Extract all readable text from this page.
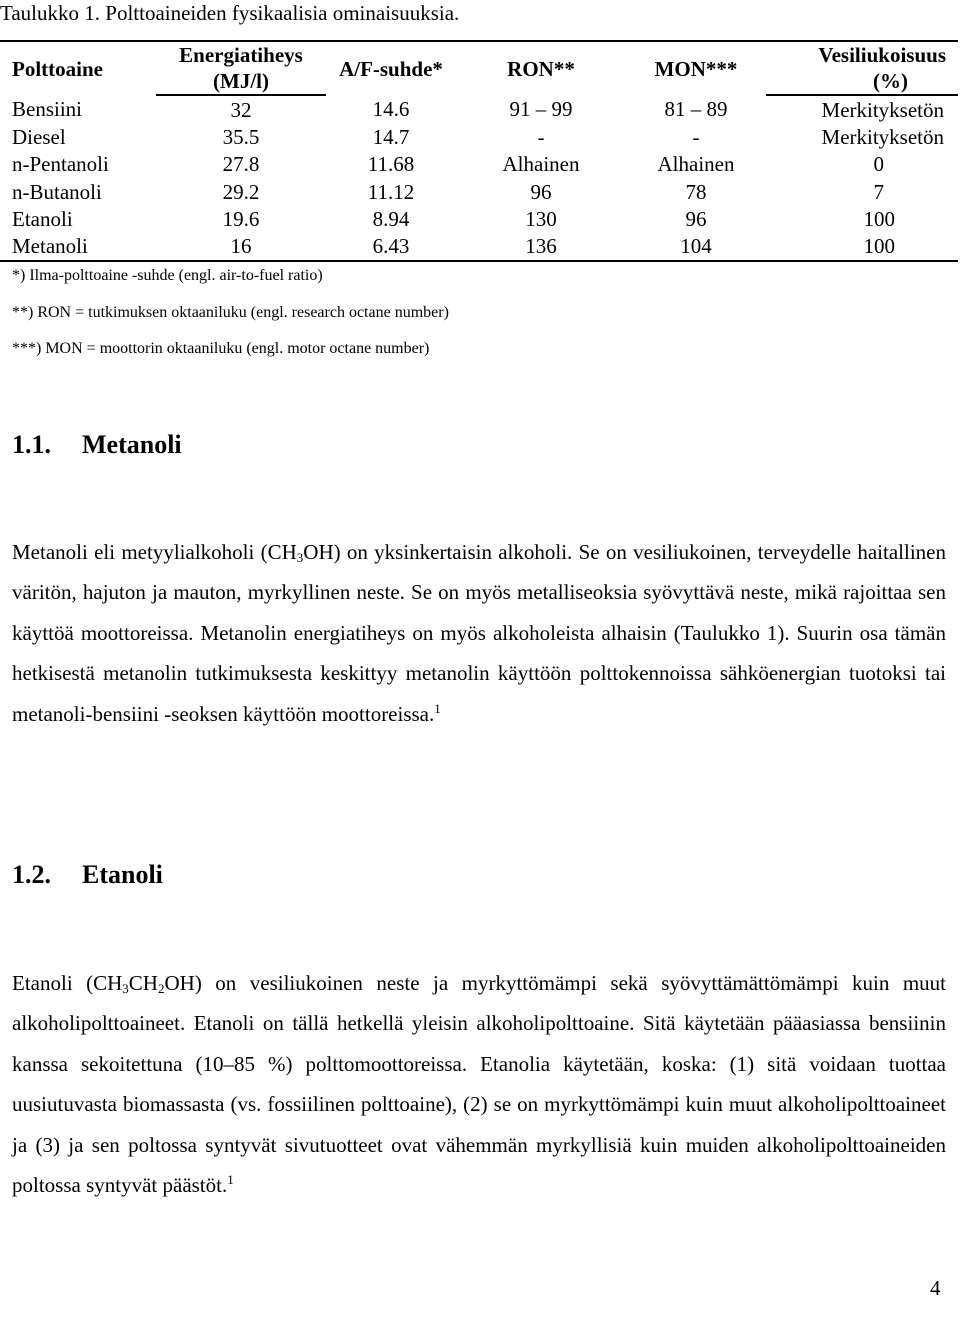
Taulukko 1. Polttoaineiden fysikaalisia ominaisuuksia.
Polttoaine	Energiatiheys	A/F-suhde*	RON**	MON***	Vesiliukoisuus
	(MJ/l)				(%)
Bensiini	32	14.6	91 – 99	81 – 89	Merkityksetön
Diesel	35.5	14.7	-	-	Merkityksetön
n-Pentanoli	27.8	11.68	Alhainen	Alhainen	0
n-Butanoli	29.2	11.12	96	78	7
Etanoli	19.6	8.94	130	96	100
Metanoli	16	6.43	136	104	100
*) Ilma-polttoaine -suhde (engl. air-to-fuel ratio)
**) RON = tutkimuksen oktaaniluku (engl. research octane number)
***) MON = moottorin oktaaniluku (engl. motor octane number)
1.1. Metanoli

Metanoli eli metyylialkoholi $(CH_3OH)$ on yksinkertaisin alkoholi. Se on vesiliukoinen, terveydelle haitallinen väritön, hajuton ja mauton, myrkyllinen neste. Se on myös metalliseoksia syövyttävä neste, mikä rajoittaa sen käyttöä moottoreissa. Metanolin energiatiheys on myös alkoholeista alhaisin (Taulukko 1). Suurin osa tämän hetkisestä metanolin tutkimuksesta keskittyy metanolin käyttöön polttokennoissa sähköenergian tuotoksi tai metanoli-bensiini -seoksen käyttöön moottoreissa.$^1$

1.2. Etanoli

Etanoli $(CH_3CH_2OH)$ on vesiliukoinen neste ja myrkyttömämpi sekä syövyttämättömämpi kuin muut alkoholipolttoaineet. Etanoli on tällä hetkellä yleisin alkoholipolttoaine. Sitä käytetään pääasiassa bensiinin kanssa sekoitettuna (10–85 %) polttomoottoreissa. Etanolia käytetään, koska: (1) sitä voidaan tuottaa uusiutuvasta biomassasta (vs. fossiilinen polttoaine), (2) se on myrkyttömämpi kuin muut alkoholipolttoaineet ja (3) ja sen poltossa syntyvät sivutuotteet ovat vähemmän myrkyllisiä kuin muiden alkoholipolttoaineiden poltossa syntyvät päästöt.$^1$

4
